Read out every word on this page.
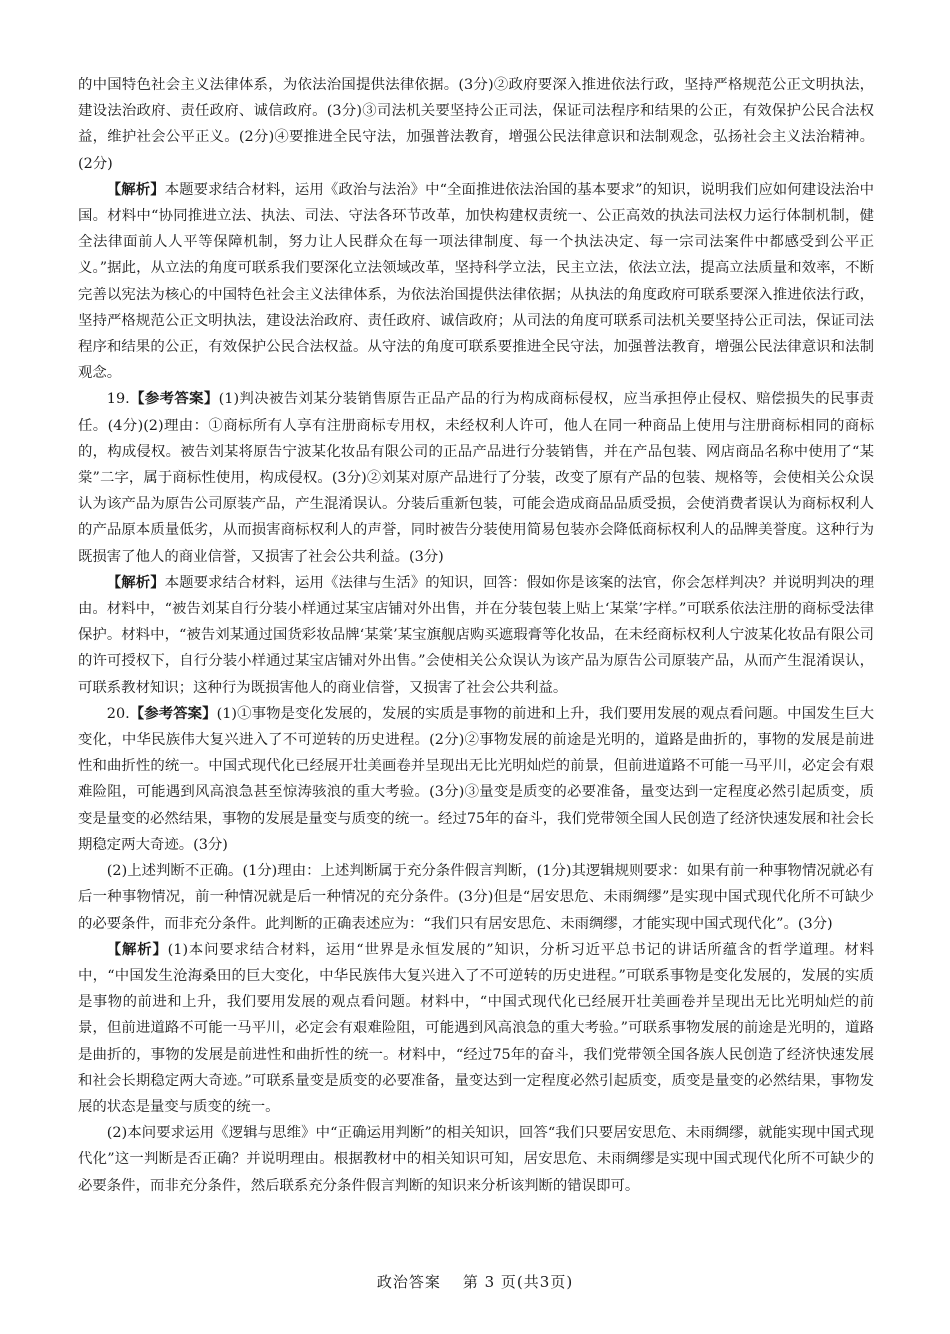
的中国特色社会主义法律体系，为依法治国提供法律依据。(3分)②政府要深入推进依法行政，坚持严格规范公正文明执法，建设法治政府、责任政府、诚信政府。(3分)③司法机关要坚持公正司法，保证司法程序和结果的公正，有效保护公民合法权益，维护社会公平正义。(2分)④要推进全民守法，加强普法教育，增强公民法律意识和法制观念，弘扬社会主义法治精神。(2分)

【解析】本题要求结合材料，运用《政治与法治》中“全面推进依法治国的基本要求”的知识，说明我们应如何建设法治中国。材料中“协同推进立法、执法、司法、守法各环节改革，加快构建权责统一、公正高效的执法司法权力运行体制机制，健全法律面前人人平等保障机制，努力让人民群众在每一项法律制度、每一个执法决定、每一宗司法案件中都感受到公平正义。”据此，从立法的角度可联系我们要深化立法领域改革，坚持科学立法，民主立法，依法立法，提高立法质量和效率，不断完善以宪法为核心的中国特色社会主义法律体系，为依法治国提供法律依据；从执法的角度政府可联系要深入推进依法行政，坚持严格规范公正文明执法，建设法治政府、责任政府、诚信政府；从司法的角度可联系司法机关要坚持公正司法，保证司法程序和结果的公正，有效保护公民合法权益。从守法的角度可联系要推进全民守法，加强普法教育，增强公民法律意识和法制观念。

19.【参考答案】(1)判决被告刘某分装销售原告正品产品的行为构成商标侵权，应当承担停止侵权、赔偿损失的民事责任。(4分)(2)理由：①商标所有人享有注册商标专用权，未经权利人许可，他人在同一种商品上使用与注册商标相同的商标的，构成侵权。被告刘某将原告宁波某化妆品有限公司的正品产品进行分装销售，并在产品包装、网店商品名称中使用了“某棠”二字，属于商标性使用，构成侵权。(3分)②刘某对原产品进行了分装，改变了原有产品的包装、规格等，会使相关公众误认为该产品为原告公司原装产品，产生混淆误认。分装后重新包装，可能会造成商品品质受损，会使消费者误认为商标权利人的产品原本质量低劣，从而损害商标权利人的声誉，同时被告分装使用简易包装亦会降低商标权利人的品牌美誉度。这种行为既损害了他人的商业信誉，又损害了社会公共利益。(3分)

【解析】本题要求结合材料，运用《法律与生活》的知识，回答：假如你是该案的法官，你会怎样判决？并说明判决的理由。材料中，“被告刘某自行分装小样通过某宝店铺对外出售，并在分装包装上贴上‘某棠’字样。”可联系依法注册的商标受法律保护。材料中，“被告刘某通过国货彩妆品牌‘某棠’某宝旗舰店购买遮瑕膏等化妆品，在未经商标权利人宁波某化妆品有限公司的许可授权下，自行分装小样通过某宝店铺对外出售。”会使相关公众误认为该产品为原告公司原装产品，从而产生混淆误认，可联系教材知识；这种行为既损害他人的商业信誉，又损害了社会公共利益。

20.【参考答案】(1)①事物是变化发展的，发展的实质是事物的前进和上升，我们要用发展的观点看问题。中国发生巨大变化，中华民族伟大复兴进入了不可逆转的历史进程。(2分)②事物发展的前途是光明的，道路是曲折的，事物的发展是前进性和曲折性的统一。中国式现代化已经展开壮美画卷并呈现出无比光明灿烂的前景，但前进道路不可能一马平川，必定会有艰难险阻，可能遇到风高浪急甚至惊涛骇浪的重大考验。(3分)③量变是质变的必要准备，量变达到一定程度必然引起质变，质变是量变的必然结果，事物的发展是量变与质变的统一。经过75年的奋斗，我们党带领全国人民创造了经济快速发展和社会长期稳定两大奇迹。(3分)

(2)上述判断不正确。(1分)理由：上述判断属于充分条件假言判断，(1分)其逻辑规则要求：如果有前一种事物情况就必有后一种事物情况，前一种情况就是后一种情况的充分条件。(3分)但是“居安思危、未雨绸缪”是实现中国式现代化所不可缺少的必要条件，而非充分条件。此判断的正确表述应为：“我们只有居安思危、未雨绸缪，才能实现中国式现代化”。(3分)

【解析】(1)本问要求结合材料，运用“世界是永恒发展的”知识，分析习近平总书记的讲话所蕴含的哲学道理。材料中，“中国发生沧海桑田的巨大变化，中华民族伟大复兴进入了不可逆转的历史进程。”可联系事物是变化发展的，发展的实质是事物的前进和上升，我们要用发展的观点看问题。材料中，“中国式现代化已经展开壮美画卷并呈现出无比光明灿烂的前景，但前进道路不可能一马平川，必定会有艰难险阻，可能遇到风高浪急的重大考验。”可联系事物发展的前途是光明的，道路是曲折的，事物的发展是前进性和曲折性的统一。材料中，“经过75年的奋斗，我们党带领全国各族人民创造了经济快速发展和社会长期稳定两大奇迹。”可联系量变是质变的必要准备，量变达到一定程度必然引起质变，质变是量变的必然结果，事物发展的状态是量变与质变的统一。

(2)本问要求运用《逻辑与思维》中“正确运用判断”的相关知识，回答“我们只要居安思危、未雨绸缪，就能实现中国式现代化”这一判断是否正确？并说明理由。根据教材中的相关知识可知，居安思危、未雨绸缪是实现中国式现代化所不可缺少的必要条件，而非充分条件，然后联系充分条件假言判断的知识来分析该判断的错误即可。

政治答案 第 3 页(共3页)
